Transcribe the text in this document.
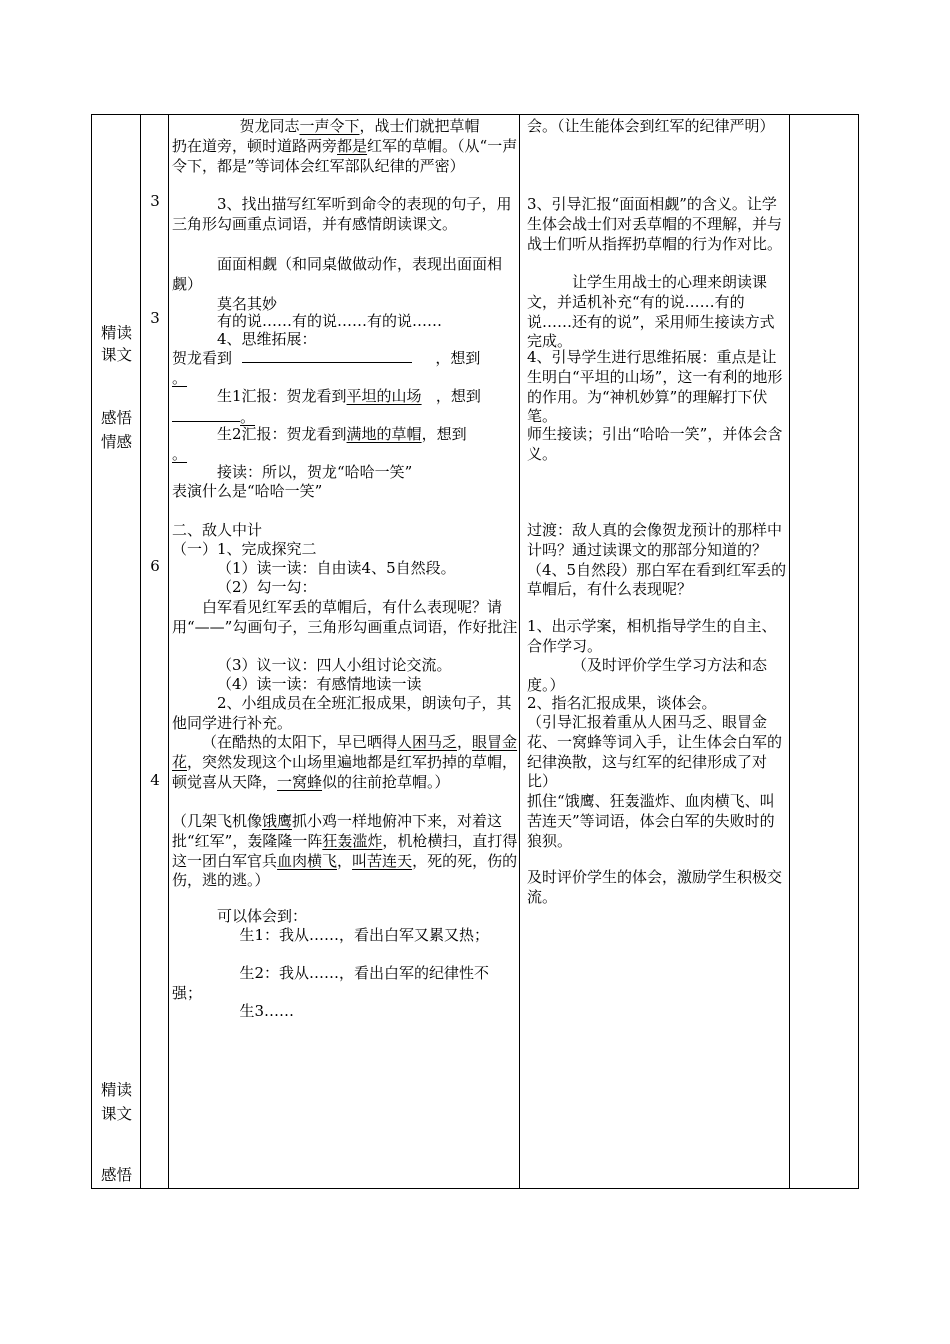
精读
课文
感悟
情感
精读
课文
感悟
3
3
6
4
贺龙同志一声令下，战士们就把草帽　　扔在道旁，顿时道路两旁都是红军的草帽。（从“一声令下，都是”等词体会红军部队纪律的严密）
3、找出描写红军听到命令的表现的句子，用三角形勾画重点词语，并有感情朗读课文。
面面相觑（和同桌做做动作，表现出面面相觑）
莫名其妙
有的说……有的说……有的说……
4、思维拓展：
贺龙看到	，想到
。
生1汇报：贺龙看到平坦的山场 ，想到。
生2汇报：贺龙看到满地的草帽，想到
。
接读：所以，贺龙“哈哈一笑”
表演什么是“哈哈一笑”
二、敌人中计
（一）1、完成探究二
（1）读一读：自由读4、5自然段。
（2）勾一勾：
白军看见红军丢的草帽后，有什么表现呢？请用“——”勾画句子，三角形勾画重点词语，作好批注
（3）议一议：四人小组讨论交流。
（4）读一读：有感情地读一读
2、小组成员在全班汇报成果，朗读句子，其他同学进行补充。
（在酷热的太阳下，早已晒得人困马乏，眼冒金花，突然发现这个山场里遍地都是红军扔掉的草帽，顿觉喜从天降，一窝蜂似的往前抢草帽。）
（几架飞机像饿鹰抓小鸡一样地俯冲下来，对着这批“红军”，轰隆隆一阵狂轰滥炸，机枪横扫，直打得这一团白军官兵血肉横飞，叫苦连天，死的死，伤的伤，逃的逃。）
可以体会到：
生1：我从……，看出白军又累又热；
生2：我从……，看出白军的纪律性不强；
生3……
会。（让生能体会到红军的纪律严明）
3、引导汇报“面面相觑”的含义。让学生体会战士们对丢草帽的不理解，并与战士们听从指挥扔草帽的行为作对比。
让学生用战士的心理来朗读课文，并适机补充“有的说……有的说……还有的说”，采用师生接读方式完成。
4、引导学生进行思维拓展：重点是让生明白“平坦的山场”，这一有利的地形的作用。为“神机妙算”的理解打下伏笔。
师生接读；引出“哈哈一笑”，并体会含义。
过渡：敌人真的会像贺龙预计的那样中计吗？通过读课文的那部分知道的？（4、5自然段）那白军在看到红军丢的草帽后，有什么表现呢？
1、出示学案，相机指导学生的自主、合作学习。
（及时评价学生学习方法和态度。）
2、指名汇报成果，谈体会。
（引导汇报着重从人困马乏、眼冒金花、一窝蜂等词入手，让生体会白军的纪律涣散，这与红军的纪律形成了对比）
抓住“饿鹰、狂轰滥炸、血肉横飞、叫苦连天”等词语，体会白军的失败时的狼狈。
及时评价学生的体会，激励学生积极交流。
